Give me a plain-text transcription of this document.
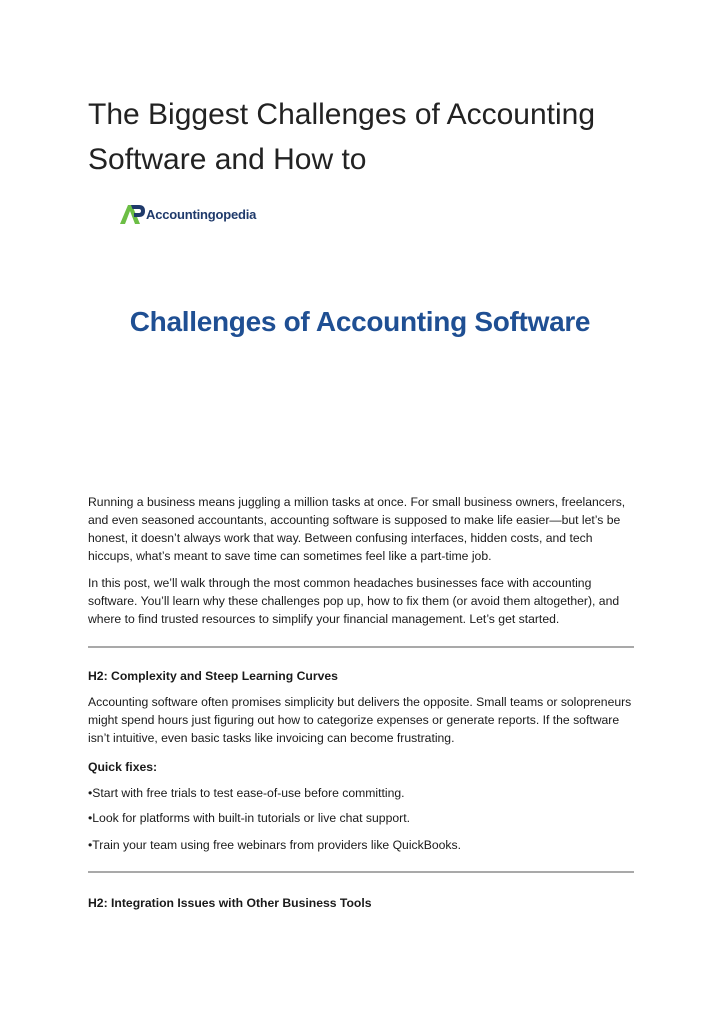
The Biggest Challenges of Accounting Software and How to
Accountingopedia
Challenges of Accounting Software

Running a business means juggling a million tasks at once. For small business owners, freelancers, and even seasoned accountants, accounting software is supposed to make life easier—but let’s be honest, it doesn’t always work that way. Between confusing interfaces, hidden costs, and tech hiccups, what’s meant to save time can sometimes feel like a part-time job.

In this post, we’ll walk through the most common headaches businesses face with accounting software. You’ll learn why these challenges pop up, how to fix them (or avoid them altogether), and where to find trusted resources to simplify your financial management. Let’s get started.

H2: Complexity and Steep Learning Curves

Accounting software often promises simplicity but delivers the opposite. Small teams or solopreneurs might spend hours just figuring out how to categorize expenses or generate reports. If the software isn’t intuitive, even basic tasks like invoicing can become frustrating.

Quick fixes:

• Start with free trials to test ease-of-use before committing.

• Look for platforms with built-in tutorials or live chat support.

• Train your team using free webinars from providers like QuickBooks.

H2: Integration Issues with Other Business Tools
